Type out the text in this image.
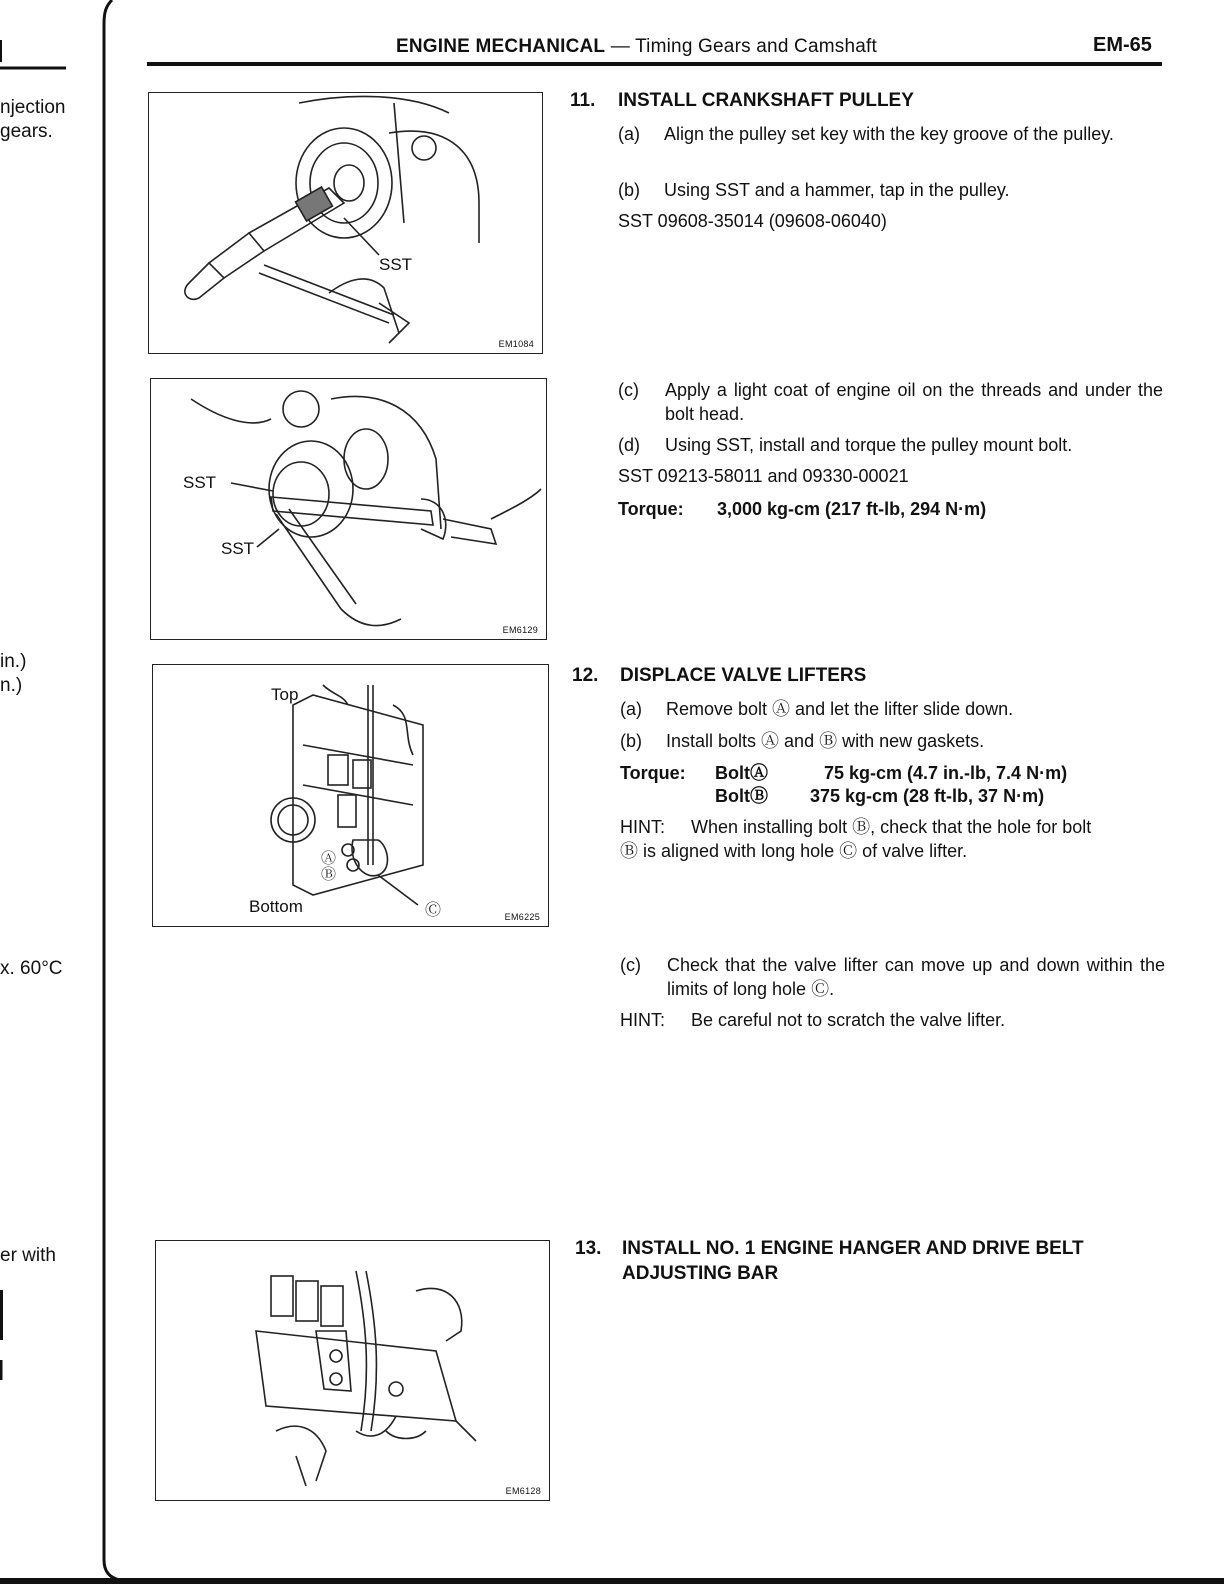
njection
gears.
in.)
n.)
x. 60°C
er with
ENGINE MECHANICAL — Timing Gears and Camshaft	EM-65
SST
EM1084
SST
SST
EM6129
Top
Bottom
Ⓐ
Ⓑ
Ⓒ	EM6225
EM6128
11. INSTALL CRANKSHAFT PULLEY
(a) Align the pulley set key with the key groove of the pulley.
(b) Using SST and a hammer, tap in the pulley.
SST 09608-35014 (09608-06040)
(c) Apply a light coat of engine oil on the threads and under the bolt head.
(d) Using SST, install and torque the pulley mount bolt.
SST 09213-58011 and 09330-00021
Torque: 3,000 kg-cm (217 ft-lb, 294 N·m)
12. DISPLACE VALVE LIFTERS
(a) Remove bolt Ⓐ and let the lifter slide down.
(b) Install bolts Ⓐ and Ⓑ with new gaskets.
Torque: BoltⒶ	75 kg-cm (4.7 in.-lb, 7.4 N·m)
BoltⒷ 375 kg-cm (28 ft-lb, 37 N·m)
HINT: When installing bolt Ⓑ, check that the hole for bolt
Ⓑ is aligned with long hole Ⓒ of valve lifter.
(c) Check that the valve lifter can move up and down within the limits of long hole Ⓒ.
HINT: Be careful not to scratch the valve lifter.
13. INSTALL NO. 1 ENGINE HANGER AND DRIVE BELT
ADJUSTING BAR
